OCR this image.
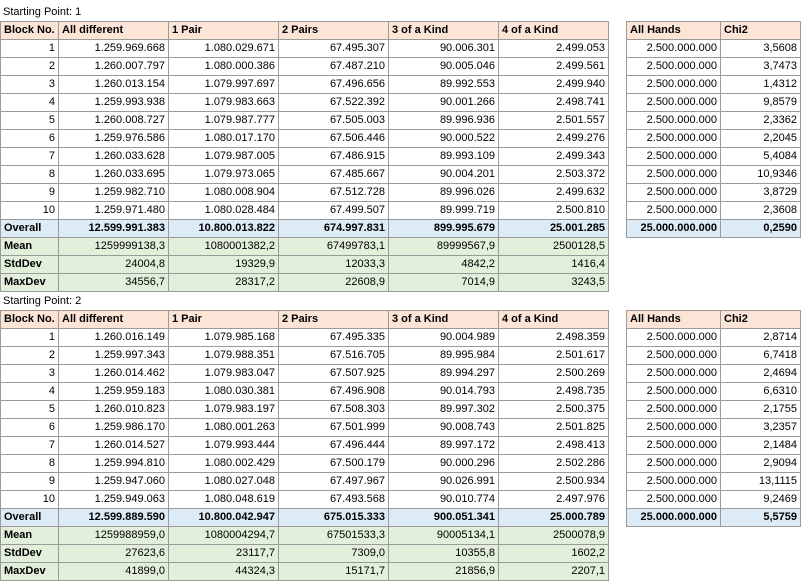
Starting Point: 1
Block No.	All different	1 Pair	2 Pairs	3 of a Kind	4 of a Kind
1	1.259.969.668	1.080.029.671	67.495.307	90.006.301	2.499.053
2	1.260.007.797	1.080.000.386	67.487.210	90.005.046	2.499.561
3	1.260.013.154	1.079.997.697	67.496.656	89.992.553	2.499.940
4	1.259.993.938	1.079.983.663	67.522.392	90.001.266	2.498.741
5	1.260.008.727	1.079.987.777	67.505.003	89.996.936	2.501.557
6	1.259.976.586	1.080.017.170	67.506.446	90.000.522	2.499.276
7	1.260.033.628	1.079.987.005	67.486.915	89.993.109	2.499.343
8	1.260.033.695	1.079.973.065	67.485.667	90.004.201	2.503.372
9	1.259.982.710	1.080.008.904	67.512.728	89.996.026	2.499.632
10	1.259.971.480	1.080.028.484	67.499.507	89.999.719	2.500.810
Overall	12.599.991.383	10.800.013.822	674.997.831	899.995.679	25.001.285
Mean	1259999138,3	1080001382,2	67499783,1	89999567,9	2500128,5
StdDev	24004,8	19329,9	12033,3	4842,2	1416,4
MaxDev	34556,7	28317,2	22608,9	7014,9	3243,5
All Hands	Chi2
2.500.000.000	3,5608
2.500.000.000	3,7473
2.500.000.000	1,4312
2.500.000.000	9,8579
2.500.000.000	2,3362
2.500.000.000	2,2045
2.500.000.000	5,4084
2.500.000.000	10,9346
2.500.000.000	3,8729
2.500.000.000	2,3608
25.000.000.000	0,2590
Starting Point: 2
Block No.	All different	1 Pair	2 Pairs	3 of a Kind	4 of a Kind
1	1.260.016.149	1.079.985.168	67.495.335	90.004.989	2.498.359
2	1.259.997.343	1.079.988.351	67.516.705	89.995.984	2.501.617
3	1.260.014.462	1.079.983.047	67.507.925	89.994.297	2.500.269
4	1.259.959.183	1.080.030.381	67.496.908	90.014.793	2.498.735
5	1.260.010.823	1.079.983.197	67.508.303	89.997.302	2.500.375
6	1.259.986.170	1.080.001.263	67.501.999	90.008.743	2.501.825
7	1.260.014.527	1.079.993.444	67.496.444	89.997.172	2.498.413
8	1.259.994.810	1.080.002.429	67.500.179	90.000.296	2.502.286
9	1.259.947.060	1.080.027.048	67.497.967	90.026.991	2.500.934
10	1.259.949.063	1.080.048.619	67.493.568	90.010.774	2.497.976
Overall	12.599.889.590	10.800.042.947	675.015.333	900.051.341	25.000.789
Mean	1259988959,0	1080004294,7	67501533,3	90005134,1	2500078,9
StdDev	27623,6	23117,7	7309,0	10355,8	1602,2
MaxDev	41899,0	44324,3	15171,7	21856,9	2207,1
All Hands	Chi2
2.500.000.000	2,8714
2.500.000.000	6,7418
2.500.000.000	2,4694
2.500.000.000	6,6310
2.500.000.000	2,1755
2.500.000.000	3,2357
2.500.000.000	2,1484
2.500.000.000	2,9094
2.500.000.000	13,1115
2.500.000.000	9,2469
25.000.000.000	5,5759
